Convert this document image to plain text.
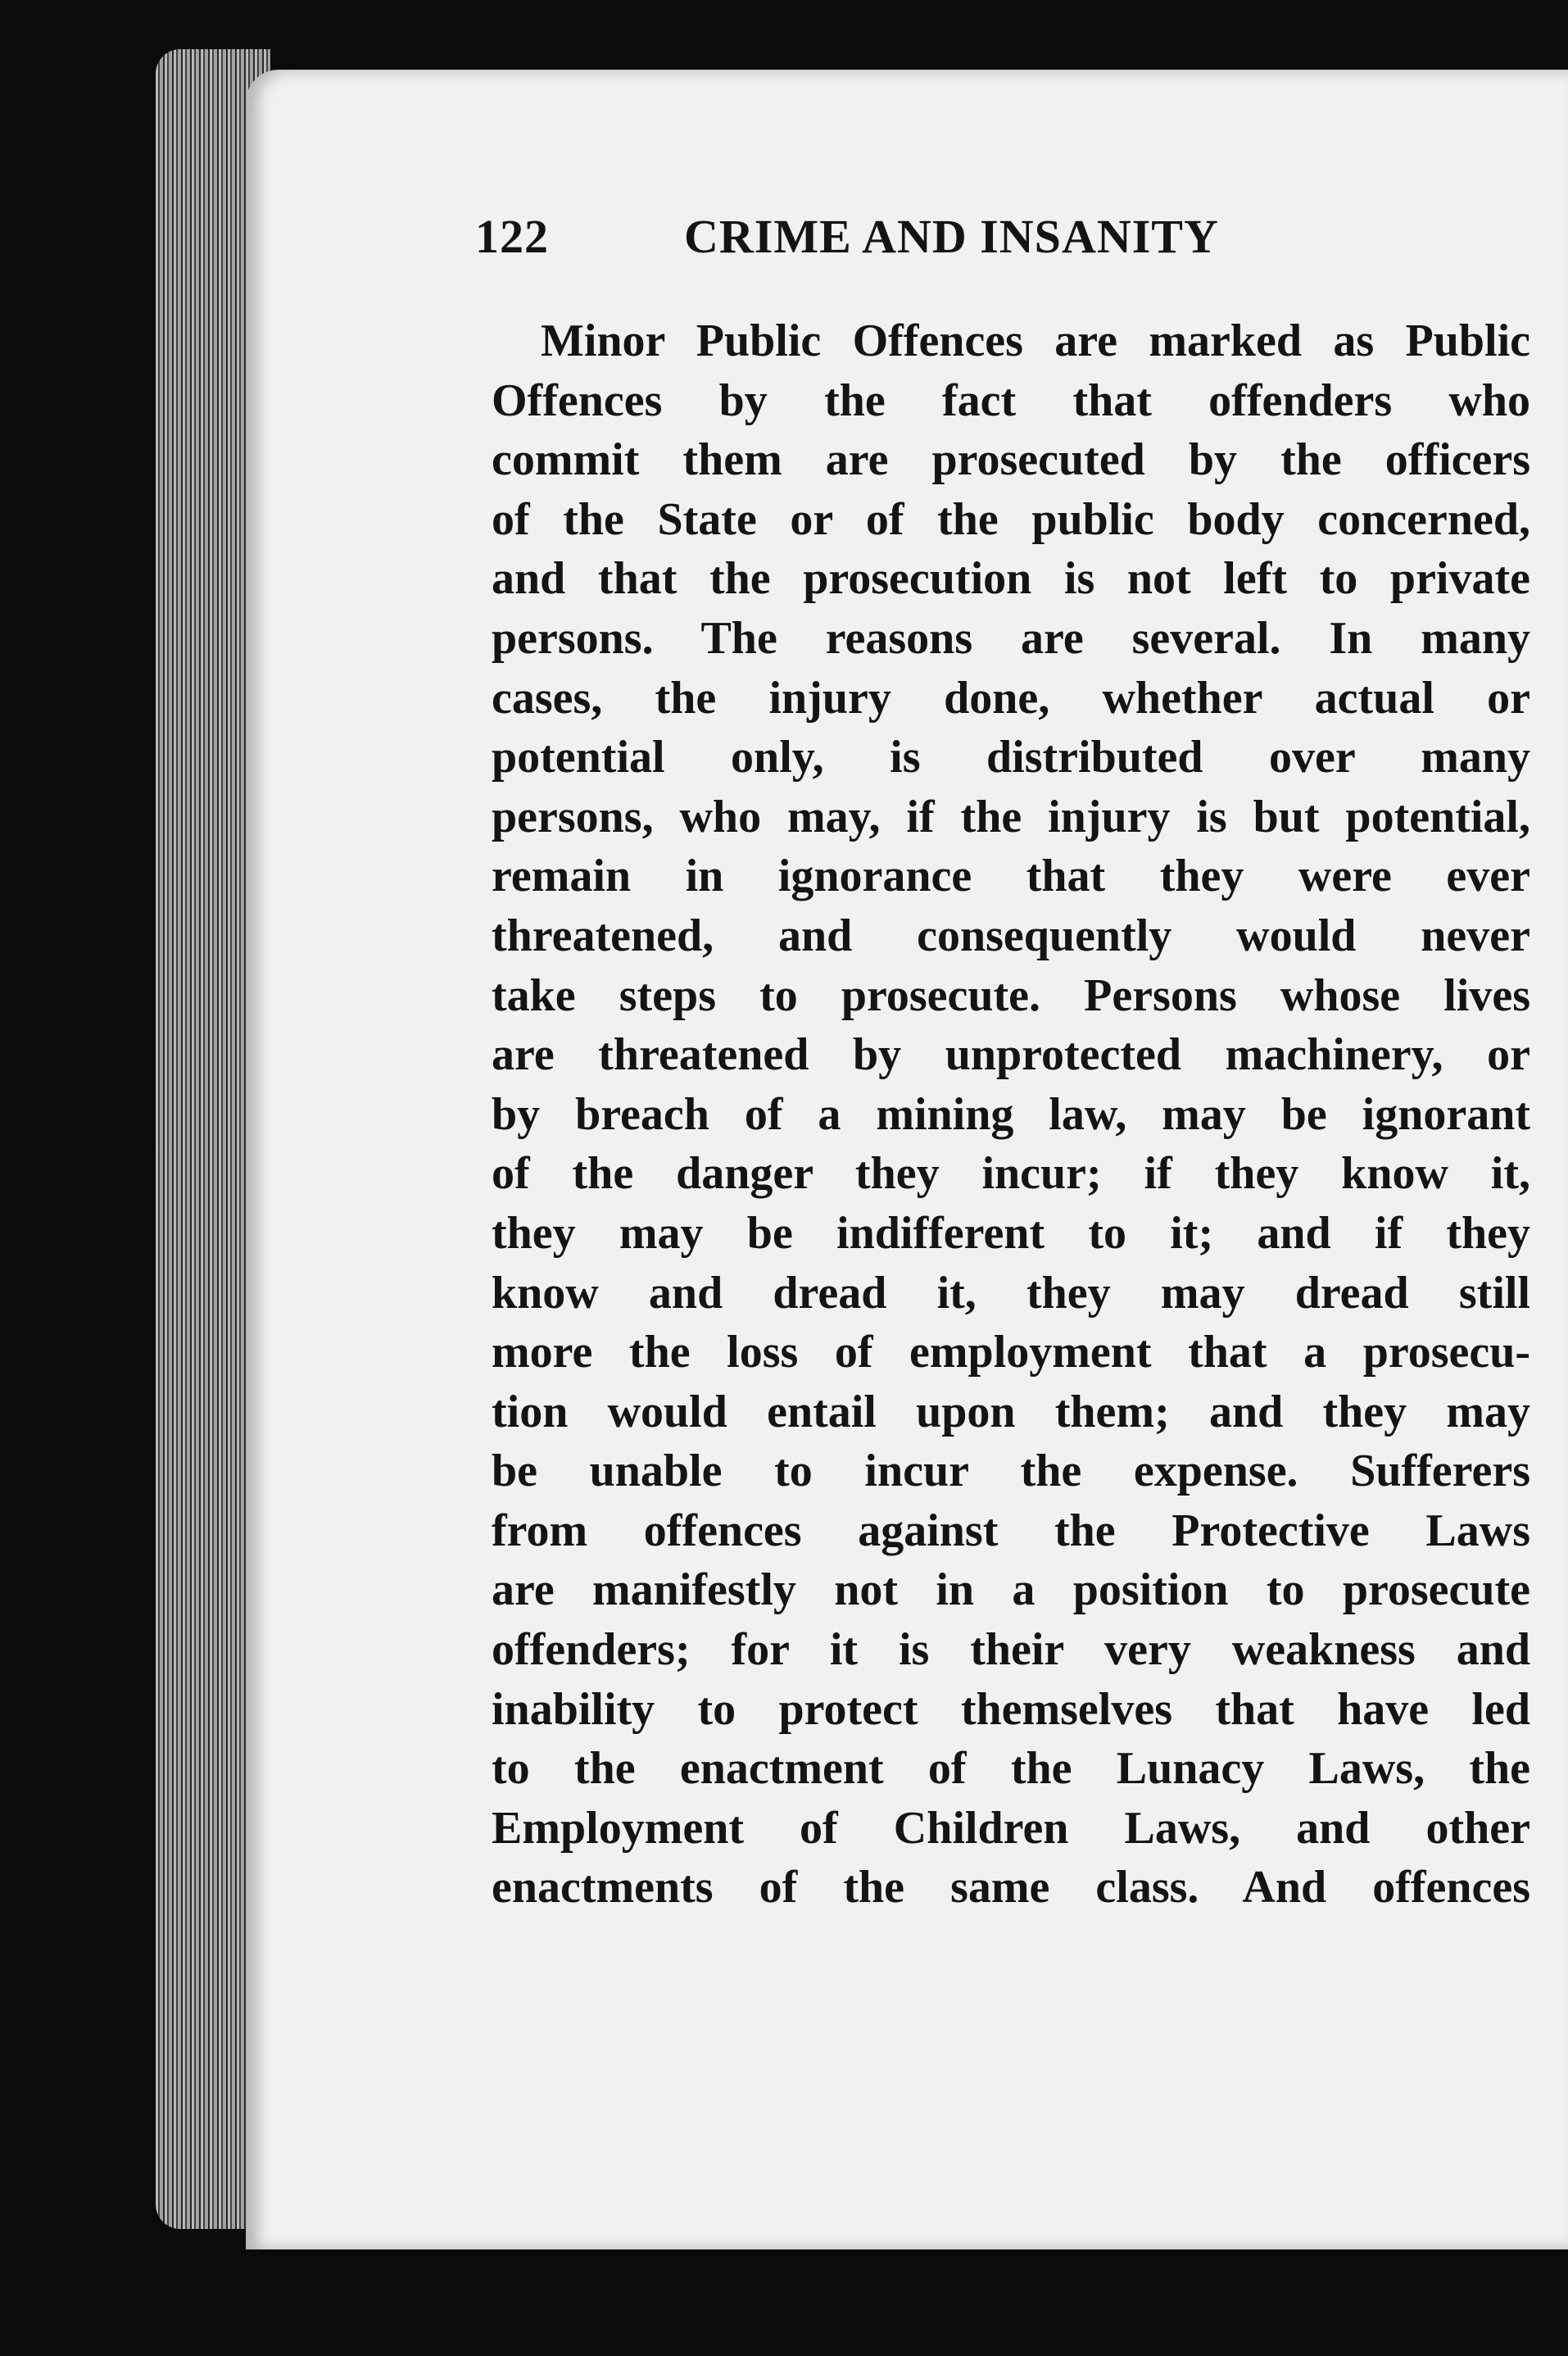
122	CRIME AND INSANITY

Minor Public Offences are marked as Public
Offences by the fact that offenders who
commit them are prosecuted by the officers
of the State or of the public body concerned,
and that the prosecution is not left to private
persons. The reasons are several. In many
cases, the injury done, whether actual or
potential only, is distributed over many
persons, who may, if the injury is but potential,
remain in ignorance that they were ever
threatened, and consequently would never
take steps to prosecute. Persons whose lives
are threatened by unprotected machinery, or
by breach of a mining law, may be ignorant
of the danger they incur; if they know it,
they may be indifferent to it; and if they
know and dread it, they may dread still
more the loss of employment that a prosecu-
tion would entail upon them; and they may
be unable to incur the expense. Sufferers
from offences against the Protective Laws
are manifestly not in a position to prosecute
offenders; for it is their very weakness and
inability to protect themselves that have led
to the enactment of the Lunacy Laws, the
Employment of Children Laws, and other
enactments of the same class. And offences
